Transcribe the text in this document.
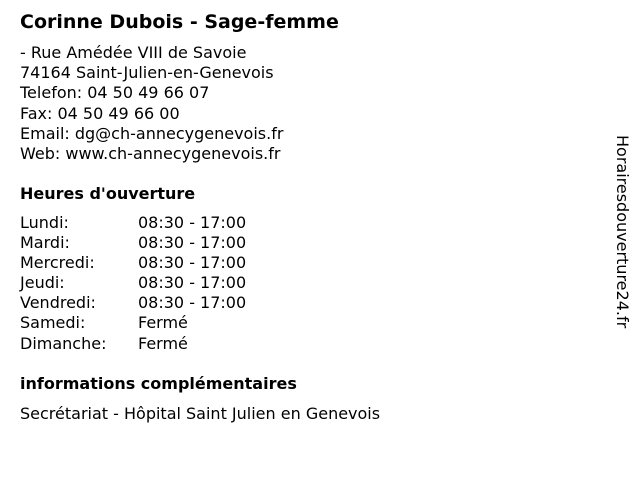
Corinne Dubois - Sage-femme
- Rue Amédée VIII de Savoie
74164 Saint-Julien-en-Genevois
Telefon: 04 50 49 66 07
Fax: 04 50 49 66 00
Email: dg@ch-annecygenevois.fr
Web: www.ch-annecygenevois.fr
Heures d'ouverture
Lundi:	08:30 - 17:00
Mardi:	08:30 - 17:00
Mercredi:	08:30 - 17:00
Jeudi:	08:30 - 17:00
Vendredi:	08:30 - 17:00
Samedi:	Fermé
Dimanche:	Fermé
informations complémentaires
Secrétariat - Hôpital Saint Julien en Genevois
Horairesdouverture24.fr
